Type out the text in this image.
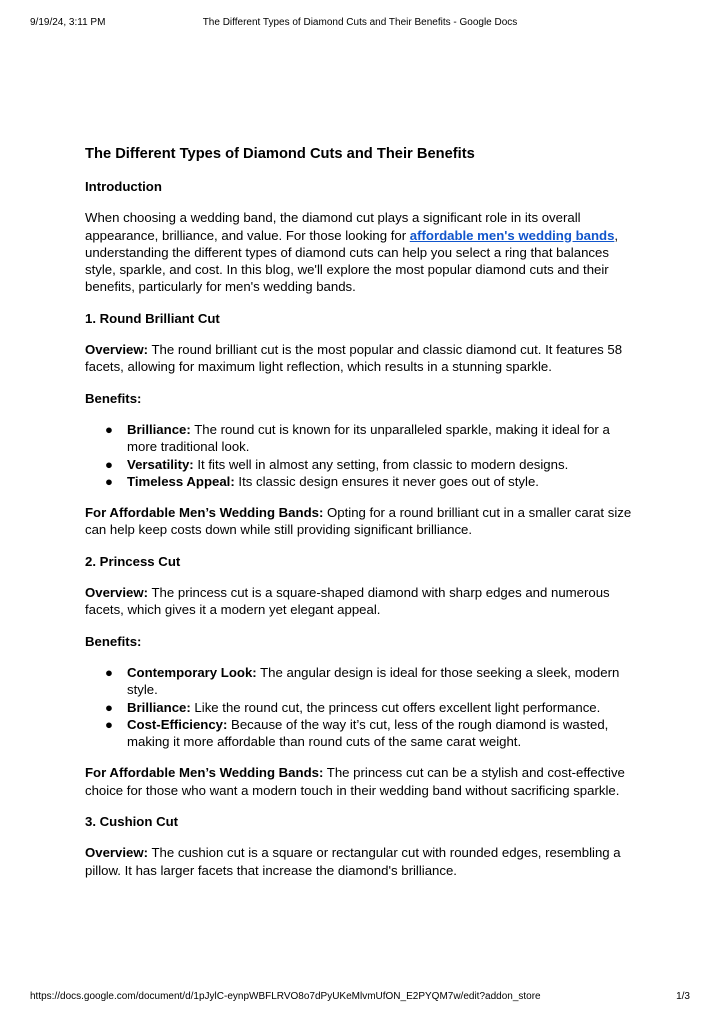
9/19/24, 3:11 PM	The Different Types of Diamond Cuts and Their Benefits - Google Docs
The Different Types of Diamond Cuts and Their Benefits
Introduction

When choosing a wedding band, the diamond cut plays a significant role in its overall appearance, brilliance, and value. For those looking for affordable men's wedding bands, understanding the different types of diamond cuts can help you select a ring that balances style, sparkle, and cost. In this blog, we'll explore the most popular diamond cuts and their benefits, particularly for men's wedding bands.

1. Round Brilliant Cut

Overview: The round brilliant cut is the most popular and classic diamond cut. It features 58 facets, allowing for maximum light reflection, which results in a stunning sparkle.

Benefits:
● Brilliance: The round cut is known for its unparalleled sparkle, making it ideal for a more traditional look.
● Versatility: It fits well in almost any setting, from classic to modern designs.
● Timeless Appeal: Its classic design ensures it never goes out of style.

For Affordable Men’s Wedding Bands: Opting for a round brilliant cut in a smaller carat size can help keep costs down while still providing significant brilliance.

2. Princess Cut

Overview: The princess cut is a square-shaped diamond with sharp edges and numerous facets, which gives it a modern yet elegant appeal.

Benefits:
● Contemporary Look: The angular design is ideal for those seeking a sleek, modern style.
● Brilliance: Like the round cut, the princess cut offers excellent light performance.
● Cost-Efficiency: Because of the way it’s cut, less of the rough diamond is wasted, making it more affordable than round cuts of the same carat weight.

For Affordable Men’s Wedding Bands: The princess cut can be a stylish and cost-effective choice for those who want a modern touch in their wedding band without sacrificing sparkle.

3. Cushion Cut

Overview: The cushion cut is a square or rectangular cut with rounded edges, resembling a pillow. It has larger facets that increase the diamond's brilliance.

https://docs.google.com/document/d/1pJylC-eynpWBFLRVO8o7dPyUKeMlvmUfON_E2PYQM7w/edit?addon_store	1/3
